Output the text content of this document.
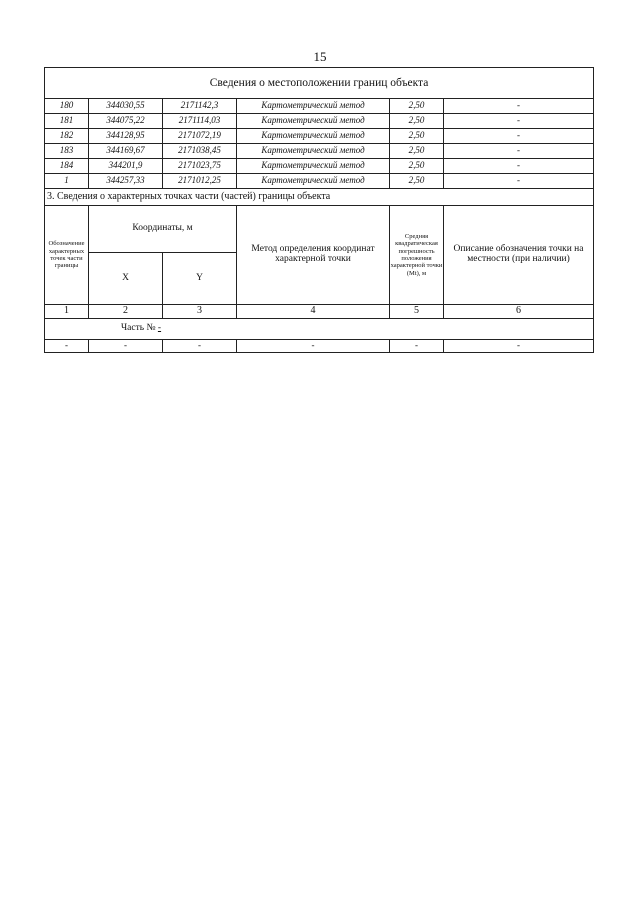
15
Сведения о местоположении границ объекта					
180	344030,55	2171142,3	Картометрический метод	2,50	-
181	344075,22	2171114,03	Картометрический метод	2,50	-
182	344128,95	2171072,19	Картометрический метод	2,50	-
183	344169,67	2171038,45	Картометрический метод	2,50	-
184	344201,9	2171023,75	Картометрический метод	2,50	-
1	344257,33	2171012,25	Картометрический метод	2,50	-
3. Сведения о характерных точках части (частей) границы объекта					
Обозначение характерных точек части границы	Координаты, м		Метод определения координат характерной точки	Средняя квадратическая погрешность положения характерной точки (Mt), м	Описание обозначения точки на местности (при наличии)
	X	Y			
1	2	3	4	5	6
Часть № -					
-	-	-	-	-	-
